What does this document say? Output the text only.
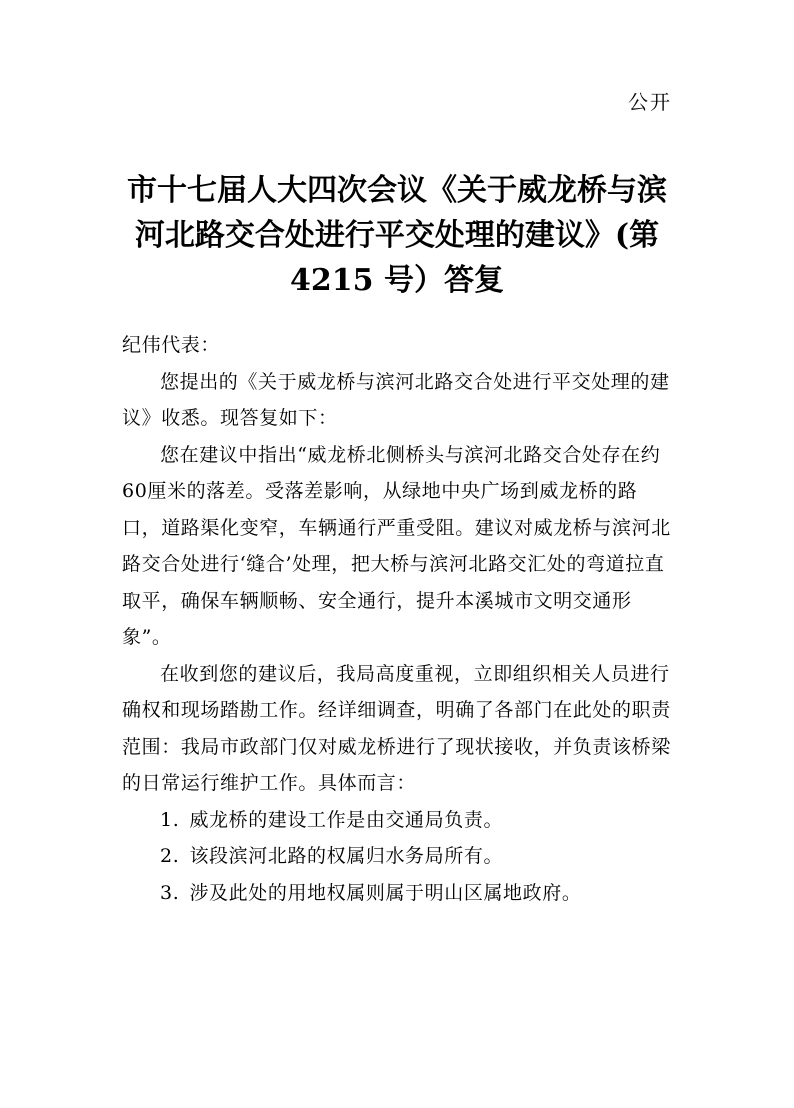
公开
市十七届人大四次会议《关于威龙桥与滨河北路交合处进行平交处理的建议》(第 4215 号）答复

纪伟代表：

您提出的《关于威龙桥与滨河北路交合处进行平交处理的建议》收悉。现答复如下：

您在建议中指出“威龙桥北侧桥头与滨河北路交合处存在约60厘米的落差。受落差影响，从绿地中央广场到威龙桥的路口，道路渠化变窄，车辆通行严重受阻。建议对威龙桥与滨河北路交合处进行‘缝合’处理，把大桥与滨河北路交汇处的弯道拉直取平，确保车辆顺畅、安全通行，提升本溪城市文明交通形象”。

在收到您的建议后，我局高度重视，立即组织相关人员进行确权和现场踏勘工作。经详细调查，明确了各部门在此处的职责范围：我局市政部门仅对威龙桥进行了现状接收，并负责该桥梁的日常运行维护工作。具体而言：

1. 威龙桥的建设工作是由交通局负责。

2. 该段滨河北路的权属归水务局所有。

3. 涉及此处的用地权属则属于明山区属地政府。
